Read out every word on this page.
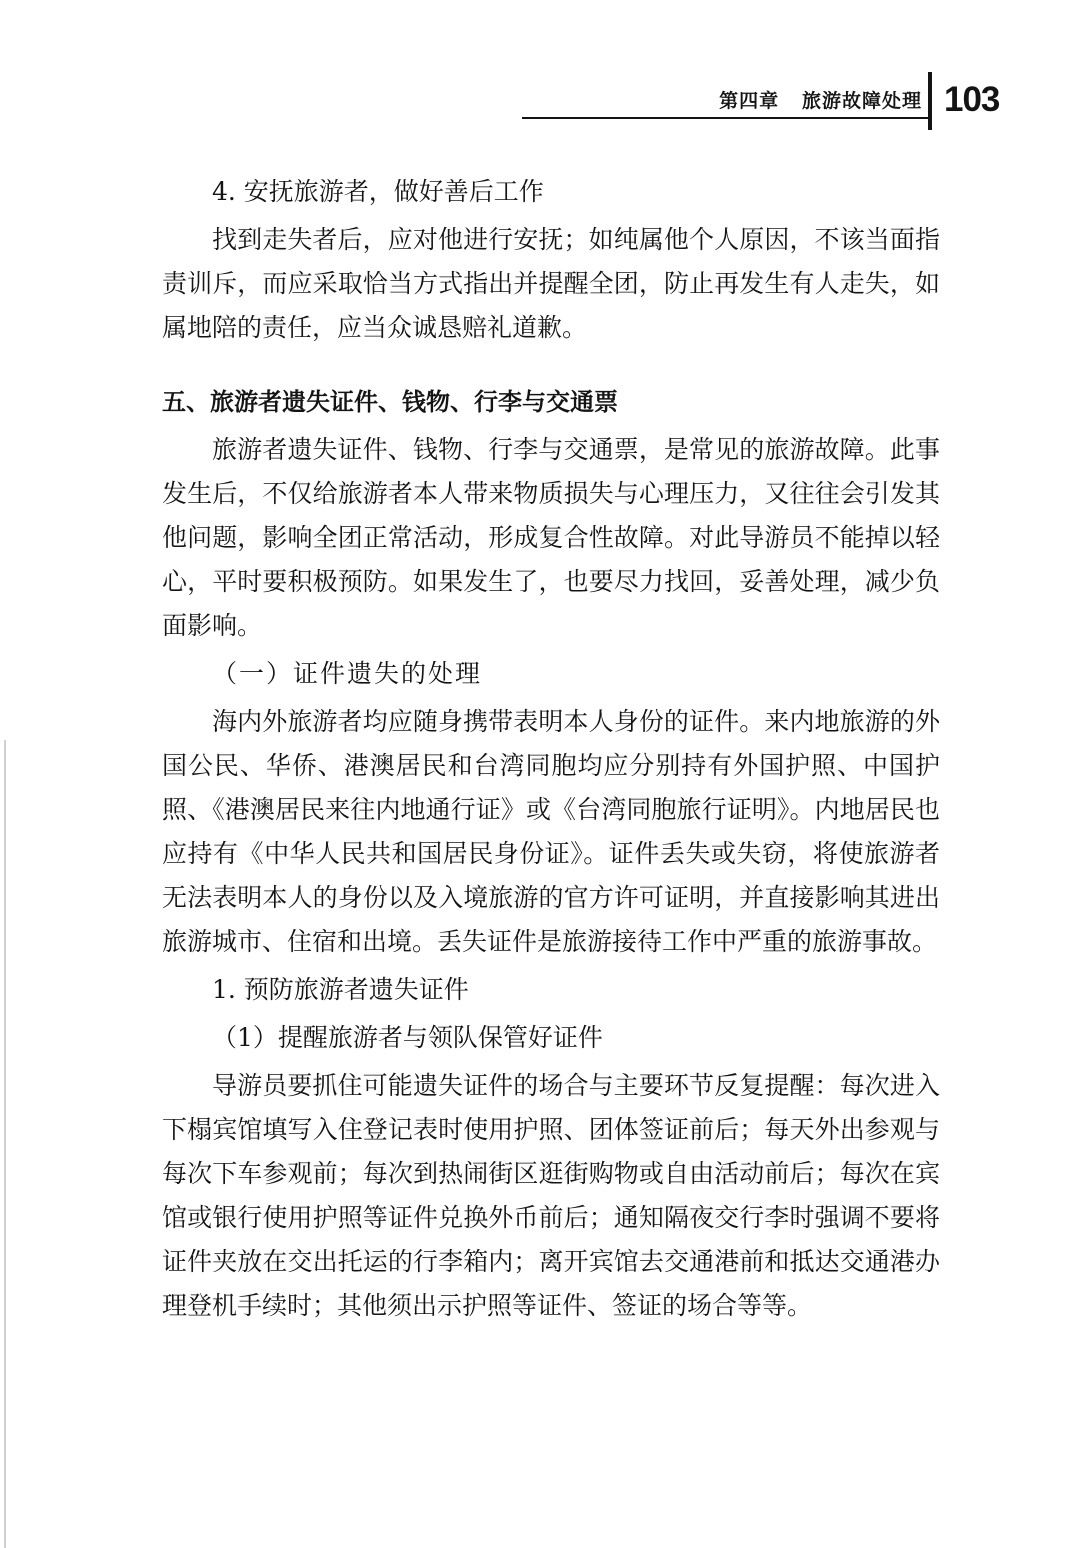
第四章   旅游故障处理 103

4. 安抚旅游者，做好善后工作

找到走失者后，应对他进行安抚；如纯属他个人原因，不该当面指责训斥，而应采取恰当方式指出并提醒全团，防止再发生有人走失，如属地陪的责任，应当众诚恳赔礼道歉。

五、旅游者遗失证件、钱物、行李与交通票

旅游者遗失证件、钱物、行李与交通票，是常见的旅游故障。此事发生后，不仅给旅游者本人带来物质损失与心理压力，又往往会引发其他问题，影响全团正常活动，形成复合性故障。对此导游员不能掉以轻心，平时要积极预防。如果发生了，也要尽力找回，妥善处理，减少负面影响。

（一）证件遗失的处理

海内外旅游者均应随身携带表明本人身份的证件。来内地旅游的外国公民、华侨、港澳居民和台湾同胞均应分别持有外国护照、中国护照、《港澳居民来往内地通行证》或《台湾同胞旅行证明》。内地居民也应持有《中华人民共和国居民身份证》。证件丢失或失窃，将使旅游者无法表明本人的身份以及入境旅游的官方许可证明，并直接影响其进出旅游城市、住宿和出境。丢失证件是旅游接待工作中严重的旅游事故。

1. 预防旅游者遗失证件

（1）提醒旅游者与领队保管好证件

导游员要抓住可能遗失证件的场合与主要环节反复提醒：每次进入下榻宾馆填写入住登记表时使用护照、团体签证前后；每天外出参观与每次下车参观前；每次到热闹街区逛街购物或自由活动前后；每次在宾馆或银行使用护照等证件兑换外币前后；通知隔夜交行李时强调不要将证件夹放在交出托运的行李箱内；离开宾馆去交通港前和抵达交通港办理登机手续时；其他须出示护照等证件、签证的场合等等。
